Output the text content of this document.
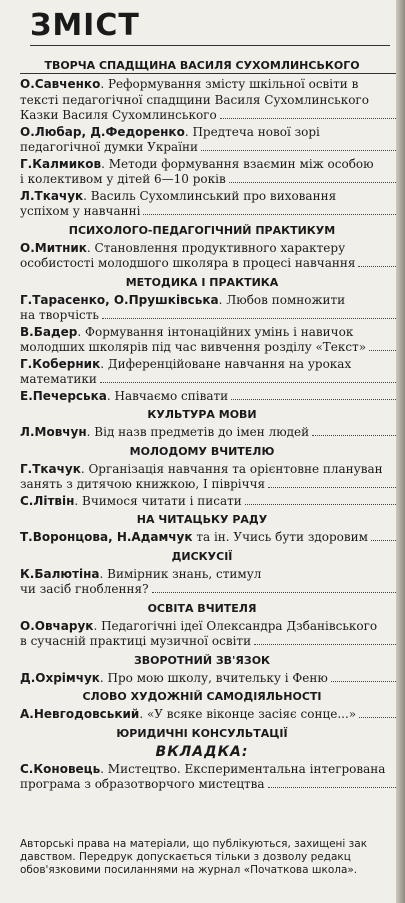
ЗМІСТ
ТВОРЧА СПАДЩИНА ВАСИЛЯ СУХОМЛИНСЬКОГО
О.Савченко. Реформування змісту шкільної освіти в
тексті педагогічної спадщини Василя Сухомлинського
Казки Василя Сухомлинського
О.Любар, Д.Федоренко. Предтеча нової зорі
педагогічної думки України
Г.Калмиков. Методи формування взаємин між особою
і колективом у дітей 6—10 років
Л.Ткачук. Василь Сухомлинський про виховання
успіхом у навчанні
ПСИХОЛОГО-ПЕДАГОГІЧНИЙ ПРАКТИКУМ
О.Митник. Становлення продуктивного характеру
особистості молодшого школяра в процесі навчання
МЕТОДИКА І ПРАКТИКА
Г.Тарасенко, О.Прушківська. Любов помножити
на творчість
В.Бадер. Формування інтонаційних умінь і навичок
молодших школярів під час вивчення розділу «Текст»
Г.Коберник. Диференційоване навчання на уроках
математики
Е.Печерська. Навчаємо співати
КУЛЬТУРА МОВИ
Л.Мовчун. Від назв предметів до імен людей
МОЛОДОМУ ВЧИТЕЛЮ
Г.Ткачук. Організація навчання та орієнтовне плануван
занять з дитячою книжкою, І півріччя
С.Літвін. Вчимося читати і писати
НА ЧИТАЦЬКУ РАДУ
Т.Воронцова, Н.Адамчук та ін. Учись бути здоровим
ДИСКУСІЇ
К.Балютіна. Вимірник знань, стимул
чи засіб гноблення?
ОСВІТА ВЧИТЕЛЯ
О.Овчарук. Педагогічні ідеї Олександра Дзбанівського
в сучасній практиці музичної освіти
ЗВОРОТНИЙ ЗВ'ЯЗОК
Д.Охрімчук. Про мою школу, вчительку і Феню
СЛОВО ХУДОЖНІЙ САМОДІЯЛЬНОСТІ
А.Невгодовський. «У всяке віконце засіяє сонце...»
ЮРИДИЧНІ КОНСУЛЬТАЦІЇ
ВКЛАДКА:
С.Коновець. Мистецтво. Експериментальна інтегрована
програма з образотворчого мистецтва
Авторські права на матеріали, що публікуються, захищені зак
давством. Передрук допускається тільки з дозволу редакц
обов'язковими посиланнями на журнал «Початкова школа».
